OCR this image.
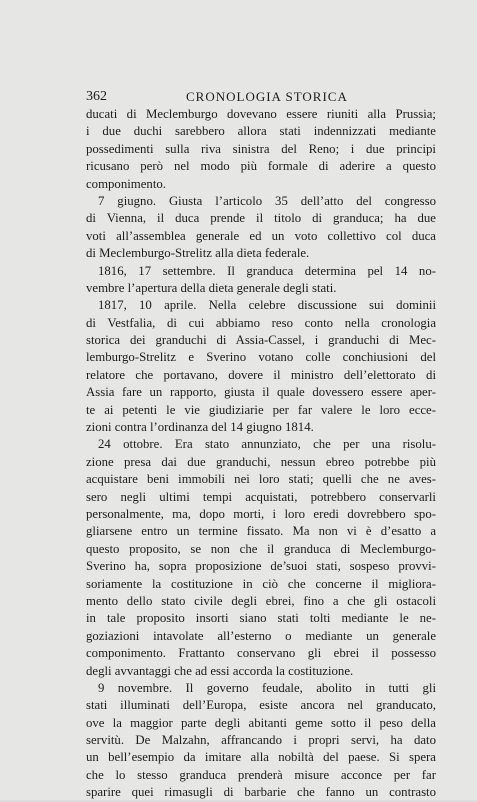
362	CRONOLOGIA STORICA
ducati di Meclemburgo dovevano essere riuniti alla Prussia;
i due duchi sarebbero allora stati indennizzati mediante
possedimenti sulla riva sinistra del Reno; i due principi
ricusano però nel modo più formale di aderire a questo
componimento.
7 giugno. Giusta l’articolo 35 dell’atto del congresso
di Vienna, il duca prende il titolo di granduca; ha due
voti all’assemblea generale ed un voto collettivo col duca
di Meclemburgo-Strelitz alla dieta federale.
1816, 17 settembre. Il granduca determina pel 14 no-
vembre l’apertura della dieta generale degli stati.
1817, 10 aprile. Nella celebre discussione sui dominii
di Vestfalia, di cui abbiamo reso conto nella cronologia
storica dei granduchi di Assia-Cassel, i granduchi di Mec-
lemburgo-Strelitz e Sverino votano colle conchiusioni del
relatore che portavano, dovere il ministro dell’elettorato di
Assia fare un rapporto, giusta il quale dovessero essere aper-
te ai petenti le vie giudiziarie per far valere le loro ecce-
zioni contra l’ordinanza del 14 giugno 1814.
24 ottobre. Era stato annunziato, che per una risolu-
zione presa dai due granduchi, nessun ebreo potrebbe più
acquistare beni immobili nei loro stati; quelli che ne aves-
sero negli ultimi tempi acquistati, potrebbero conservarli
personalmente, ma, dopo morti, i loro eredi dovrebbero spo-
gliarsene entro un termine fissato. Ma non vi è d’esatto a
questo proposito, se non che il granduca di Meclemburgo-
Sverino ha, sopra proposizione de’suoi stati, sospeso provvi-
soriamente la costituzione in ciò che concerne il migliora-
mento dello stato civile degli ebrei, fino a che gli ostacoli
in tale proposito insorti siano stati tolti mediante le ne-
goziazioni intavolate all’esterno o mediante un generale
componimento. Frattanto conservano gli ebrei il possesso
degli avvantaggi che ad essi accorda la costituzione.
9 novembre. Il governo feudale, abolito in tutti gli
stati illuminati dell’Europa, esiste ancora nel granducato,
ove la maggior parte degli abitanti geme sotto il peso della
servitù. De Malzahn, affrancando i propri servi, ha dato
un bell’esempio da imitare alla nobiltà del paese. Si spera
che lo stesso granduca prenderà misure acconce per far
sparire quei rimasugli di barbarie che fanno un contrasto
